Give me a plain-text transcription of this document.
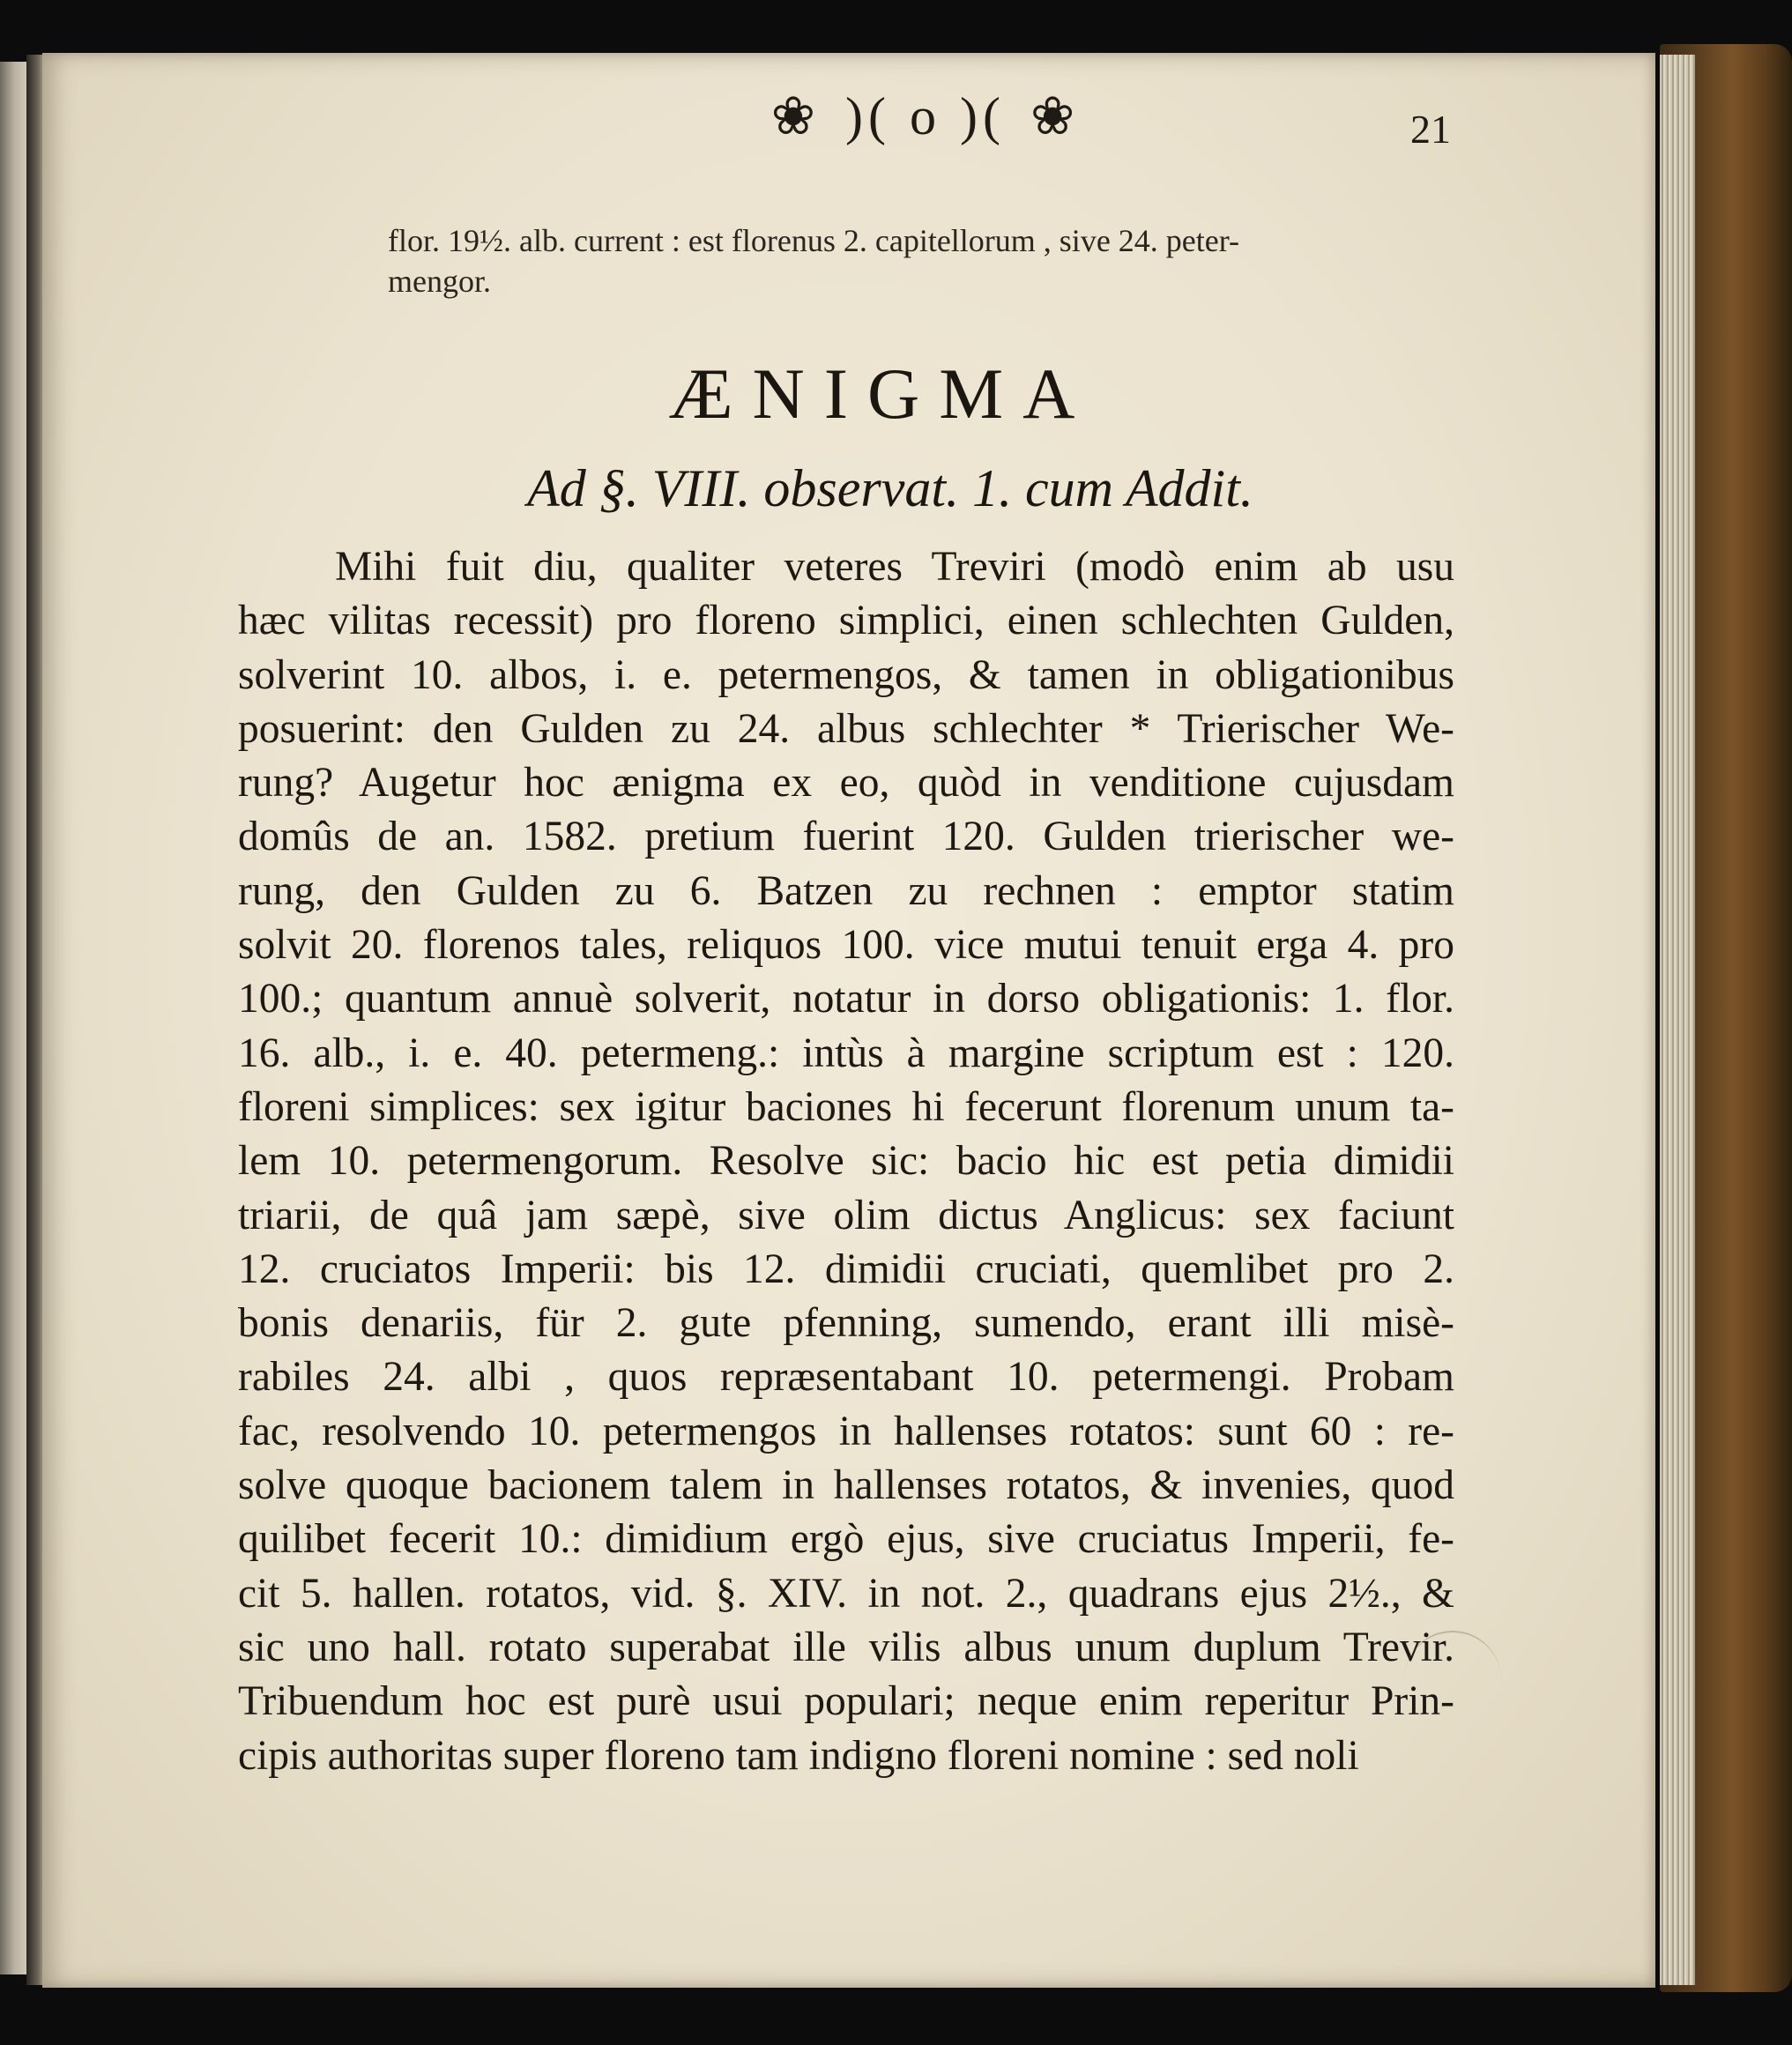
❀ )( o )( ❀	21

flor. 19½. alb. current : est florenus 2. capitellorum , sive 24. peter-

mengor.

ÆNIGMA
Ad §. VIII. observat. 1. cum Addit.
Mihi fuit diu, qualiter veteres Treviri (modò enim ab usu
hæc vilitas recessit) pro floreno simplici, einen schlechten Gulden,
solverint 10. albos, i. e. petermengos, & tamen in obligationibus
posuerint: den Gulden zu 24. albus schlechter * Trierischer We-
rung? Augetur hoc ænigma ex eo, quòd in venditione cujusdam
domûs de an. 1582. pretium fuerint 120. Gulden trierischer we-
rung, den Gulden zu 6. Batzen zu rechnen : emptor statim
solvit 20. florenos tales, reliquos 100. vice mutui tenuit erga 4. pro
100.; quantum annuè solverit, notatur in dorso obligationis: 1. flor.
16. alb., i. e. 40. petermeng.: intùs à margine scriptum est : 120.
floreni simplices: sex igitur baciones hi fecerunt florenum unum ta-
lem 10. petermengorum. Resolve sic: bacio hic est petia dimidii
triarii, de quâ jam sæpè, sive olim dictus Anglicus: sex faciunt
12. cruciatos Imperii: bis 12. dimidii cruciati, quemlibet pro 2.
bonis denariis, für 2. gute pfenning, sumendo, erant illi misè-
rabiles 24. albi , quos repræsentabant 10. petermengi. Probam
fac, resolvendo 10. petermengos in hallenses rotatos: sunt 60 : re-
solve quoque bacionem talem in hallenses rotatos, & invenies, quod
quilibet fecerit 10.: dimidium ergò ejus, sive cruciatus Imperii, fe-
cit 5. hallen. rotatos, vid. §. XIV. in not. 2., quadrans ejus 2½., &
sic uno hall. rotato superabat ille vilis albus unum duplum Trevir.
Tribuendum hoc est purè usui populari; neque enim reperitur Prin-
cipis authoritas super floreno tam indigno floreni nomine : sed noli
